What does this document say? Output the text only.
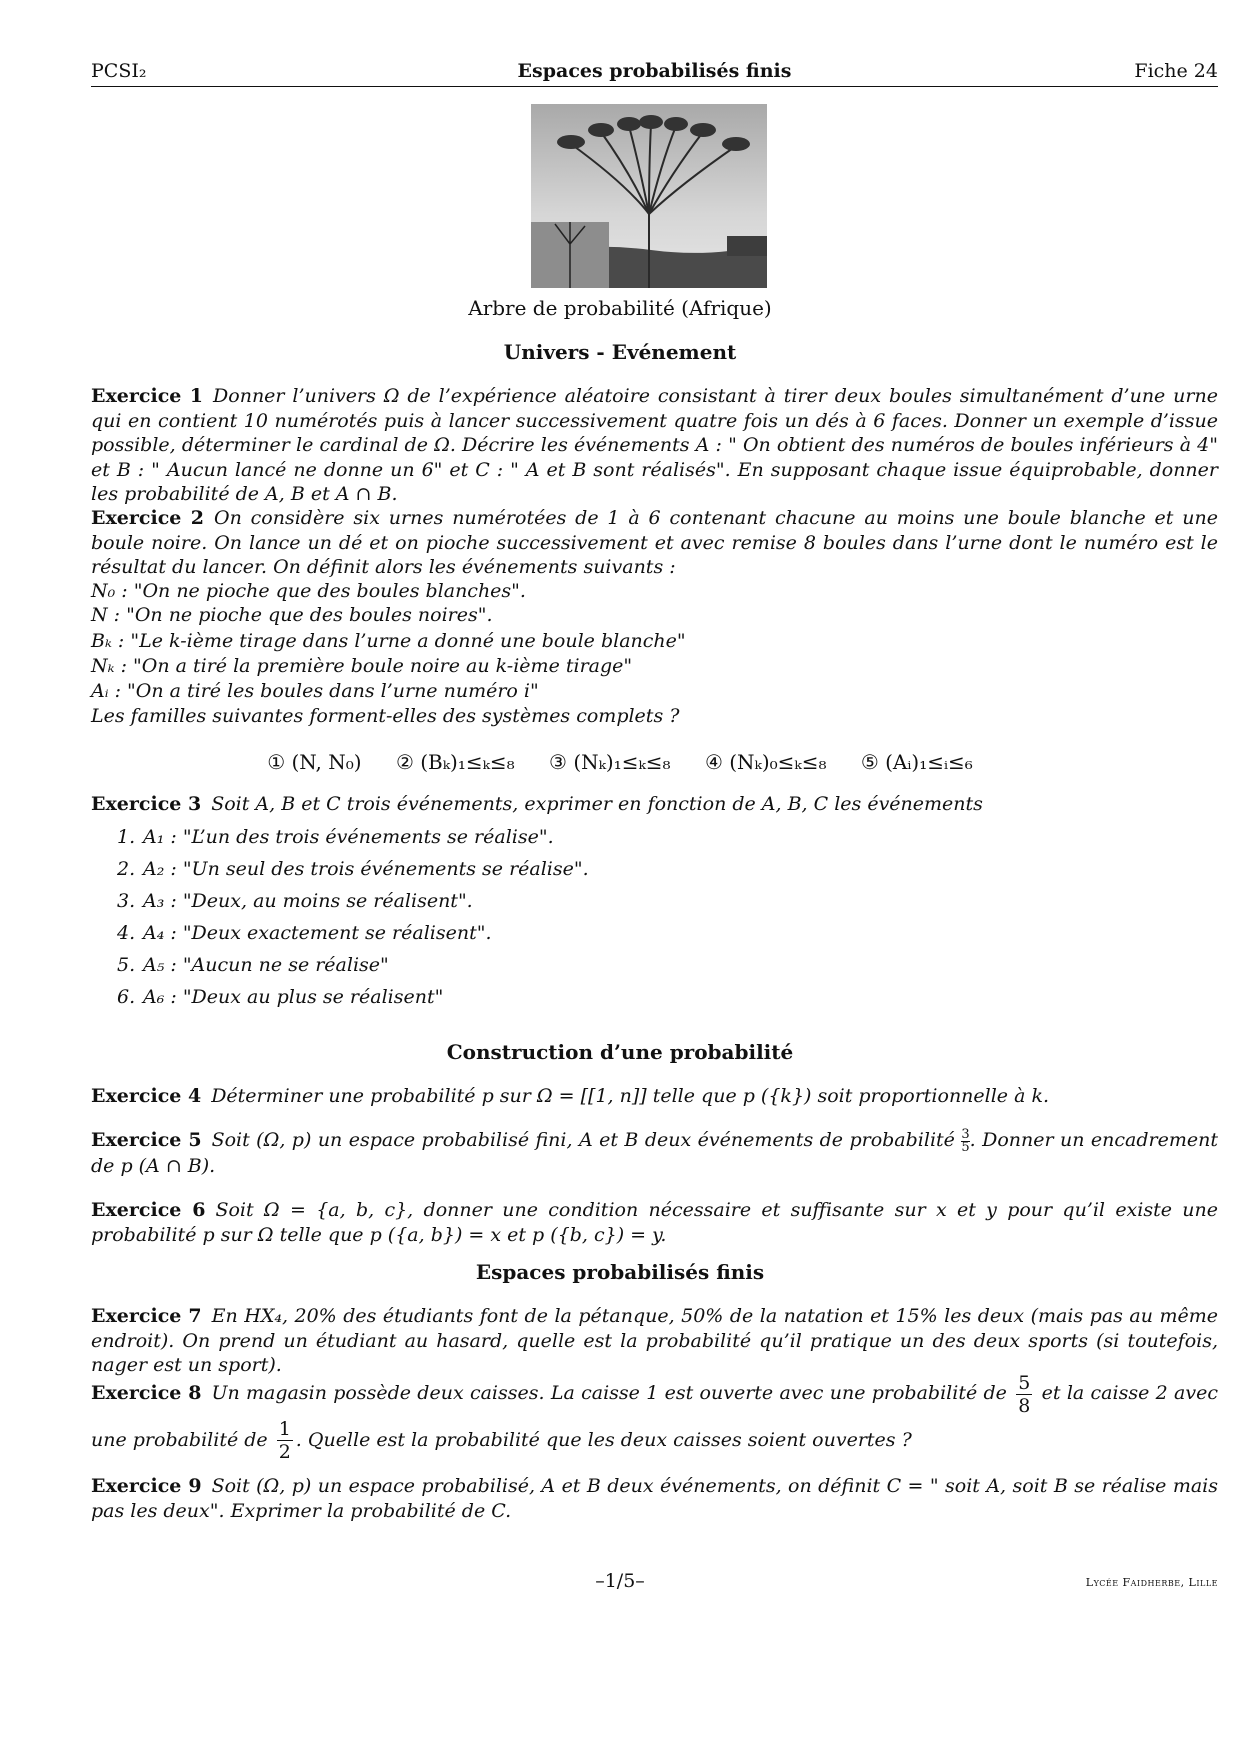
PCSI₂	Espaces probabilisés finis	Fiche 24
Arbre de probabilité (Afrique)
Univers - Evénement
Exercice 1 Donner l’univers Ω de l’expérience aléatoire consistant à tirer deux boules simultanément d’une urne qui en contient 10 numérotés puis à lancer successivement quatre fois un dés à 6 faces. Donner un exemple d’issue possible, déterminer le cardinal de Ω. Décrire les événements A : " On obtient des numéros de boules inférieurs à 4" et B : " Aucun lancé ne donne un 6" et C : " A et B sont réalisés". En supposant chaque issue équiprobable, donner les probabilité de A, B et A ∩ B.
Exercice 2 On considère six urnes numérotées de 1 à 6 contenant chacune au moins une boule blanche et une boule noire. On lance un dé et on pioche successivement et avec remise 8 boules dans l’urne dont le numéro est le résultat du lancer. On définit alors les événements suivants :
N₀ : "On ne pioche que des boules blanches".
N : "On ne pioche que des boules noires".
Bₖ : "Le k-ième tirage dans l’urne a donné une boule blanche"
Nₖ : "On a tiré la première boule noire au k-ième tirage"
Aᵢ : "On a tiré les boules dans l’urne numéro i"
Les familles suivantes forment-elles des systèmes complets ?
① (N, N₀) ② (Bₖ)₁≤ₖ≤₈ ③ (Nₖ)₁≤ₖ≤₈ ④ (Nₖ)₀≤ₖ≤₈ ⑤ (Aᵢ)₁≤ᵢ≤₆
Exercice 3 Soit A, B et C trois événements, exprimer en fonction de A, B, C les événements
1. A₁ : "L’un des trois événements se réalise".
2. A₂ : "Un seul des trois événements se réalise".
3. A₃ : "Deux, au moins se réalisent".
4. A₄ : "Deux exactement se réalisent".
5. A₅ : "Aucun ne se réalise"
6. A₆ : "Deux au plus se réalisent"
Construction d’une probabilité
Exercice 4 Déterminer une probabilité p sur Ω = [[1, n]] telle que p ({k}) soit proportionnelle à k.
Exercice 5 Soit (Ω, p) un espace probabilisé fini, A et B deux événements de probabilité $\frac{3}{5}$ . Donner un encadrement de p (A ∩ B).
Exercice 6 Soit Ω = {a, b, c}, donner une condition nécessaire et suffisante sur x et y pour qu’il existe une probabilité p sur Ω telle que p ({a, b}) = x et p ({b, c}) = y.
Espaces probabilisés finis
Exercice 7 En HX₄, 20% des étudiants font de la pétanque, 50% de la natation et 15% les deux (mais pas au même endroit). On prend un étudiant au hasard, quelle est la probabilité qu’il pratique un des deux sports (si toutefois, nager est un sport).
Exercice 8 Un magasin possède deux caisses. La caisse 1 est ouverte avec une probabilité de $\frac{5}{8}$ et la caisse 2 avec une probabilité de $\frac{1}{2}$ . Quelle est la probabilité que les deux caisses soient ouvertes ?
Exercice 9 Soit (Ω, p) un espace probabilisé, A et B deux événements, on définit C = " soit A, soit B se réalise mais pas les deux". Exprimer la probabilité de C.
–1/5–	Lycée Faidherbe, Lille
